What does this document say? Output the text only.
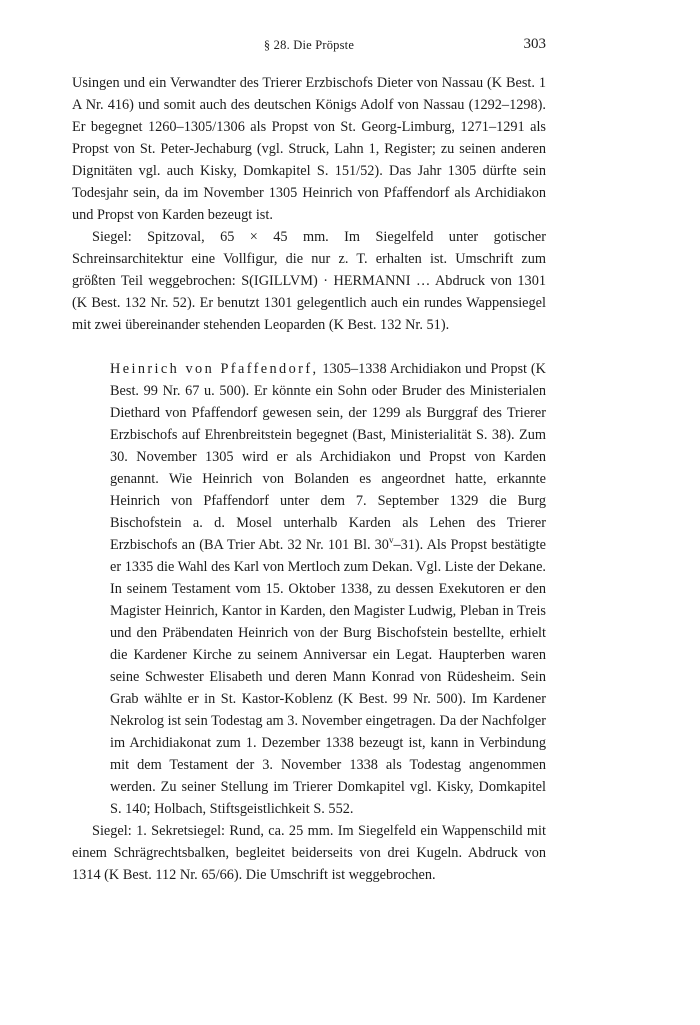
§ 28. Die Pröpste	303

Usingen und ein Verwandter des Trierer Erzbischofs Dieter von Nassau (K Best. 1 A Nr. 416) und somit auch des deutschen Königs Adolf von Nassau (1292–1298). Er begegnet 1260–1305/1306 als Propst von St. Georg-Limburg, 1271–1291 als Propst von St. Peter-Jechaburg (vgl. Struck, Lahn 1, Register; zu seinen anderen Dignitäten vgl. auch Kisky, Domkapitel S. 151/52). Das Jahr 1305 dürfte sein Todesjahr sein, da im November 1305 Heinrich von Pfaffendorf als Archidiakon und Propst von Karden bezeugt ist.

Siegel: Spitzoval, 65 × 45 mm. Im Siegelfeld unter gotischer Schreinsarchitektur eine Vollfigur, die nur z. T. erhalten ist. Umschrift zum größten Teil weggebrochen: S(IGILLVM) · HERMANNI … Abdruck von 1301 (K Best. 132 Nr. 52). Er benutzt 1301 gelegentlich auch ein rundes Wappensiegel mit zwei übereinander stehenden Leoparden (K Best. 132 Nr. 51).

Heinrich von Pfaffendorf, 1305–1338 Archidiakon und Propst (K Best. 99 Nr. 67 u. 500). Er könnte ein Sohn oder Bruder des Ministerialen Diethard von Pfaffendorf gewesen sein, der 1299 als Burggraf des Trierer Erzbischofs auf Ehrenbreitstein begegnet (Bast, Ministerialität S. 38). Zum 30. November 1305 wird er als Archidiakon und Propst von Karden genannt. Wie Heinrich von Bolanden es angeordnet hatte, erkannte Heinrich von Pfaffendorf unter dem 7. September 1329 die Burg Bischofstein a. d. Mosel unterhalb Karden als Lehen des Trierer Erzbischofs an (BA Trier Abt. 32 Nr. 101 Bl. 30$^v$–31). Als Propst bestätigte er 1335 die Wahl des Karl von Mertloch zum Dekan. Vgl. Liste der Dekane. In seinem Testament vom 15. Oktober 1338, zu dessen Exekutoren er den Magister Heinrich, Kantor in Karden, den Magister Ludwig, Pleban in Treis und den Präbendaten Heinrich von der Burg Bischofstein bestellte, erhielt die Kardener Kirche zu seinem Anniversar ein Legat. Haupterben waren seine Schwester Elisabeth und deren Mann Konrad von Rüdesheim. Sein Grab wählte er in St. Kastor-Koblenz (K Best. 99 Nr. 500). Im Kardener Nekrolog ist sein Todestag am 3. November eingetragen. Da der Nachfolger im Archidiakonat zum 1. Dezember 1338 bezeugt ist, kann in Verbindung mit dem Testament der 3. November 1338 als Todestag angenommen werden. Zu seiner Stellung im Trierer Domkapitel vgl. Kisky, Domkapitel S. 140; Holbach, Stiftsgeistlichkeit S. 552.

Siegel: 1. Sekretsiegel: Rund, ca. 25 mm. Im Siegelfeld ein Wappenschild mit einem Schrägrechtsbalken, begleitet beiderseits von drei Kugeln. Abdruck von 1314 (K Best. 112 Nr. 65/66). Die Umschrift ist weggebrochen.
